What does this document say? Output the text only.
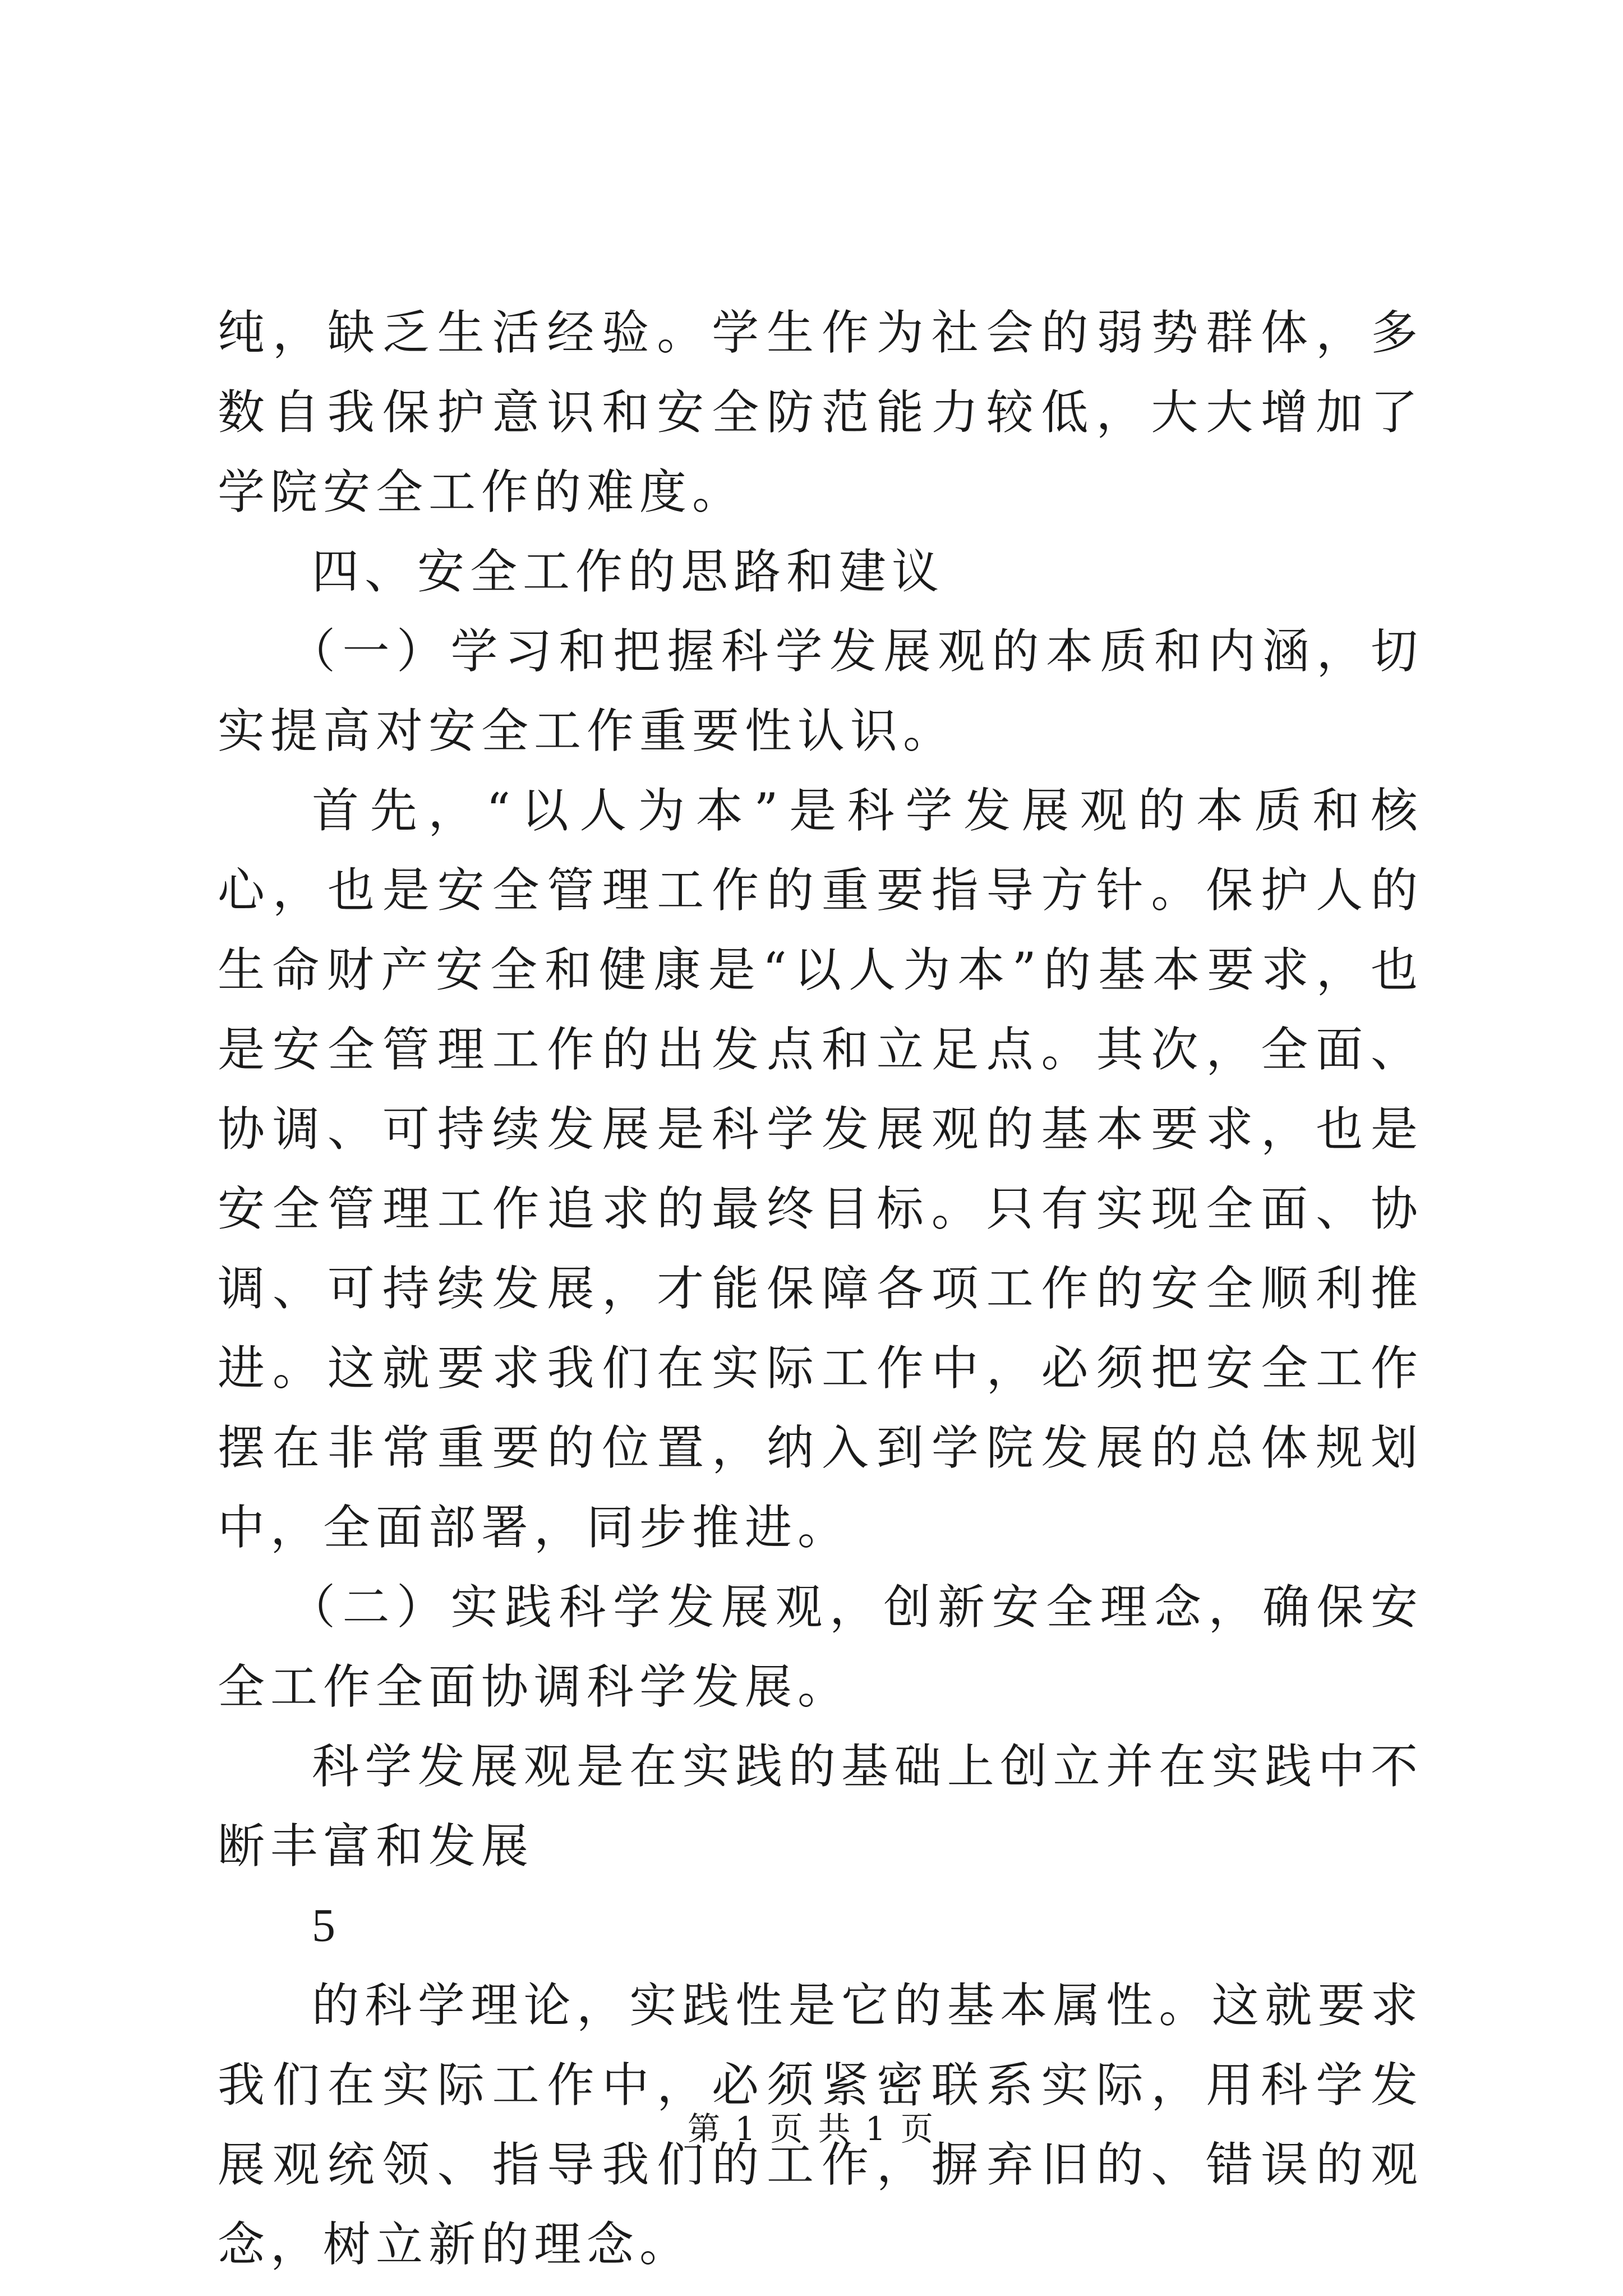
纯，缺乏生活经验。学生作为社会的弱势群体，多数自我保护意识和安全防范能力较低，大大增加了学院安全工作的难度。

四、安全工作的思路和建议

（一）学习和把握科学发展观的本质和内涵，切实提高对安全工作重要性认识。

首先，“以人为本”是科学发展观的本质和核心，也是安全管理工作的重要指导方针。保护人的生命财产安全和健康是“以人为本”的基本要求，也是安全管理工作的出发点和立足点。其次，全面、协调、可持续发展是科学发展观的基本要求，也是安全管理工作追求的最终目标。只有实现全面、协调、可持续发展，才能保障各项工作的安全顺利推进。这就要求我们在实际工作中，必须把安全工作摆在非常重要的位置，纳入到学院发展的总体规划中，全面部署，同步推进。

（二）实践科学发展观，创新安全理念，确保安全工作全面协调科学发展。

科学发展观是在实践的基础上创立并在实践中不断丰富和发展

5

的科学理论，实践性是它的基本属性。这就要求我们在实际工作中，必须紧密联系实际，用科学发展观统领、指导我们的工作，摒弃旧的、错误的观念，树立新的理念。

第 1 页 共 1 页
